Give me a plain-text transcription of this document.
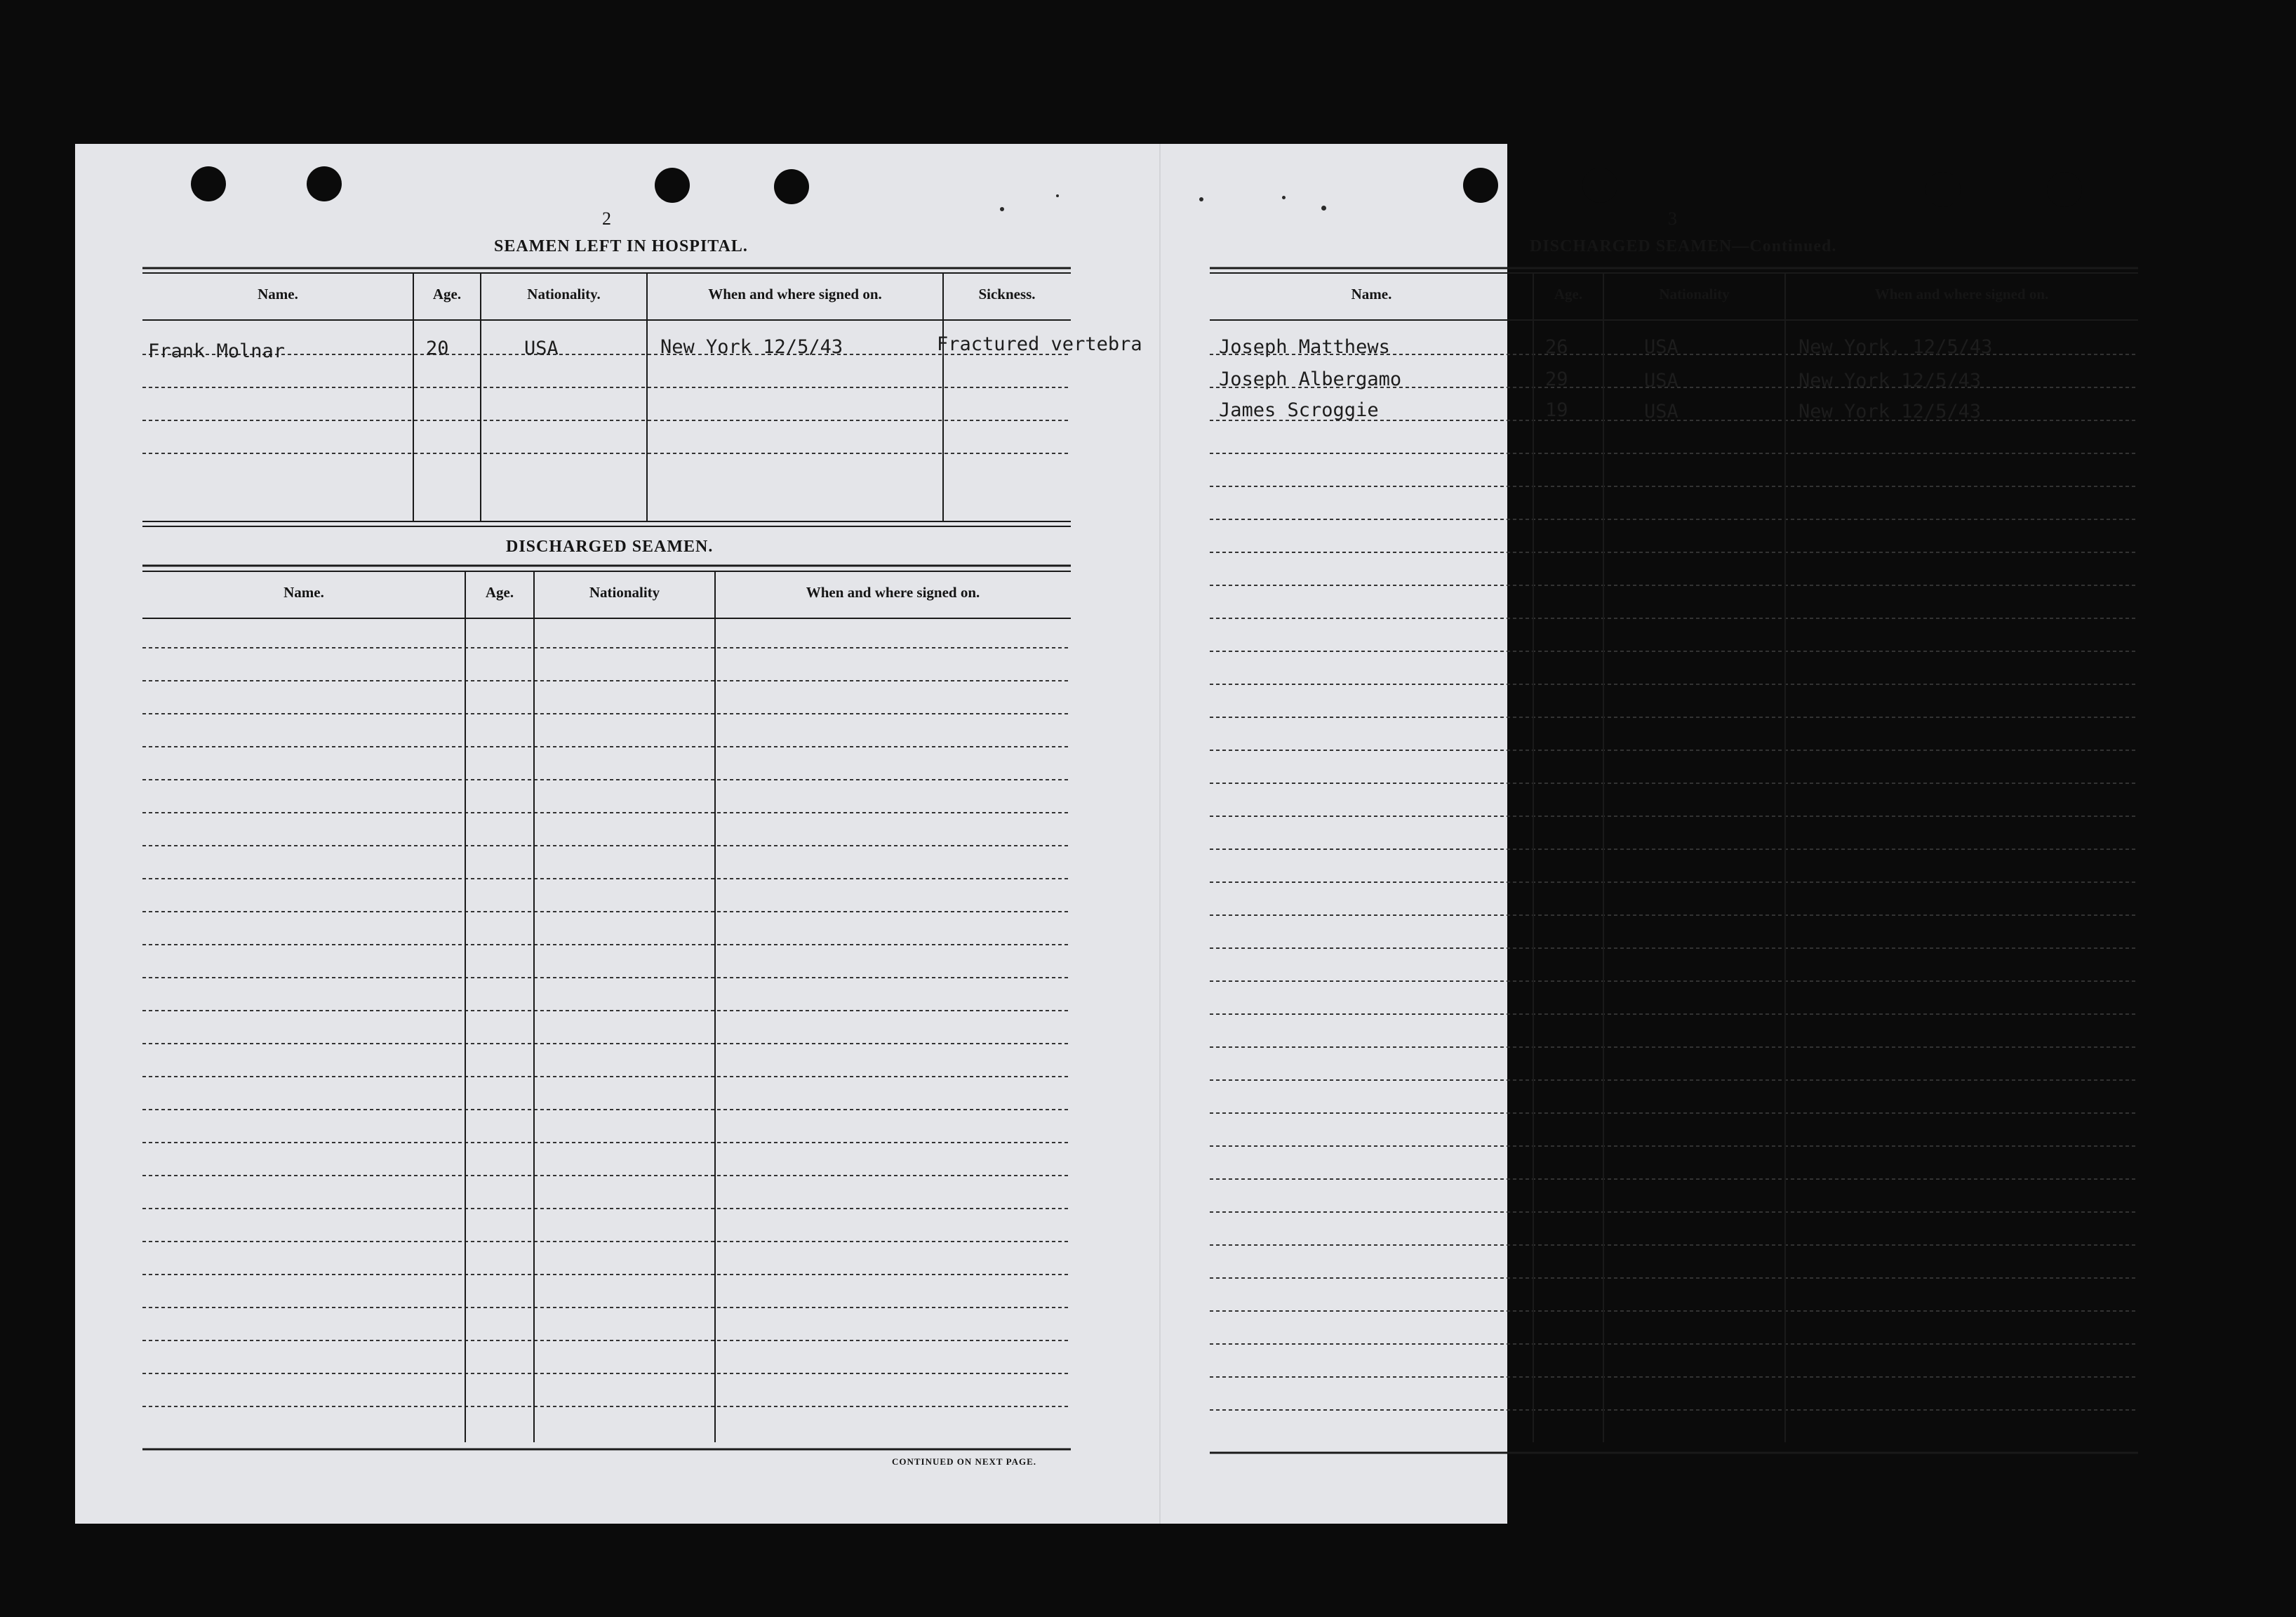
2
SEAMEN LEFT IN HOSPITAL.
Name.	Age.	Nationality.	When and where signed on.	Sickness.
Frank Molnar	20	USA	New York 12/5/43	Fractured vertebra
DISCHARGED SEAMEN.
Name.	Age.	Nationality	When and where signed on.
CONTINUED ON NEXT PAGE.
3
DISCHARGED SEAMEN—Continued.
Name.	Age.	Nationality	When and where signed on.
Joseph Matthews	26	USA	New York, 12/5/43
Joseph Albergamo	29	USA	New York 12/5/43
James Scroggie	19	USA	New York 12/5/43
